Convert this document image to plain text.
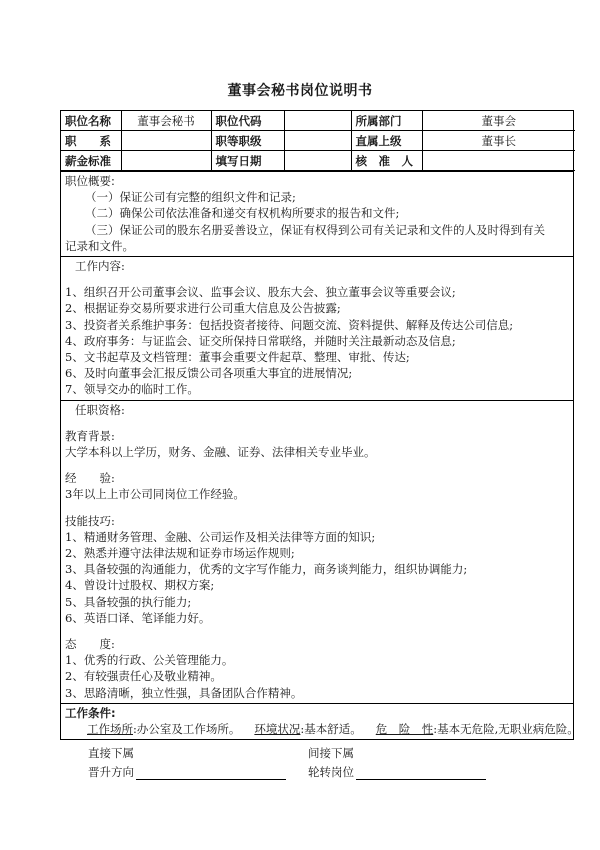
董事会秘书岗位说明书
职位名称	董事会秘书	职位代码		所属部门	董事会
职　　系		职等职级		直属上级	董事长
薪金标准		填写日期		核　准　人	
职位概要:
（一）保证公司有完整的组织文件和记录;
（二）确保公司依法准备和递交有权机构所要求的报告和文件;
（三）保证公司的股东名册妥善设立，保证有权得到公司有关记录和文件的人及时得到有关
记录和文件。
工作内容:
1、组织召开公司董事会议、监事会议、股东大会、独立董事会议等重要会议;
2、根据证券交易所要求进行公司重大信息及公告披露;
3、投资者关系维护事务：包括投资者接待、问题交流、资料提供、解释及传达公司信息;
4、政府事务：与证监会、证交所保持日常联络，并随时关注最新动态及信息;
5、文书起草及文档管理：董事会重要文件起草、整理、审批、传达;
6、及时向董事会汇报反馈公司各项重大事宜的进展情况;
7、领导交办的临时工作。
任职资格:
教育背景:
大学本科以上学历，财务、金融、证券、法律相关专业毕业。
经　　验:
3年以上上市公司同岗位工作经验。
技能技巧:
1、精通财务管理、金融、公司运作及相关法律等方面的知识;
2、熟悉并遵守法律法规和证券市场运作规则;
3、具备较强的沟通能力，优秀的文字写作能力，商务谈判能力，组织协调能力;
4、曾设计过股权、期权方案;
5、具备较强的执行能力;
6、英语口译、笔译能力好。
态　　度:
1、优秀的行政、公关管理能力。
2、有较强责任心及敬业精神。
3、思路清晰，独立性强，具备团队合作精神。
工作条件:
工作场所:办公室及工作场所。 环境状况:基本舒适。 危　险　性:基本无危险,无职业病危险。
直接下属	间接下属
晋升方向	轮转岗位
